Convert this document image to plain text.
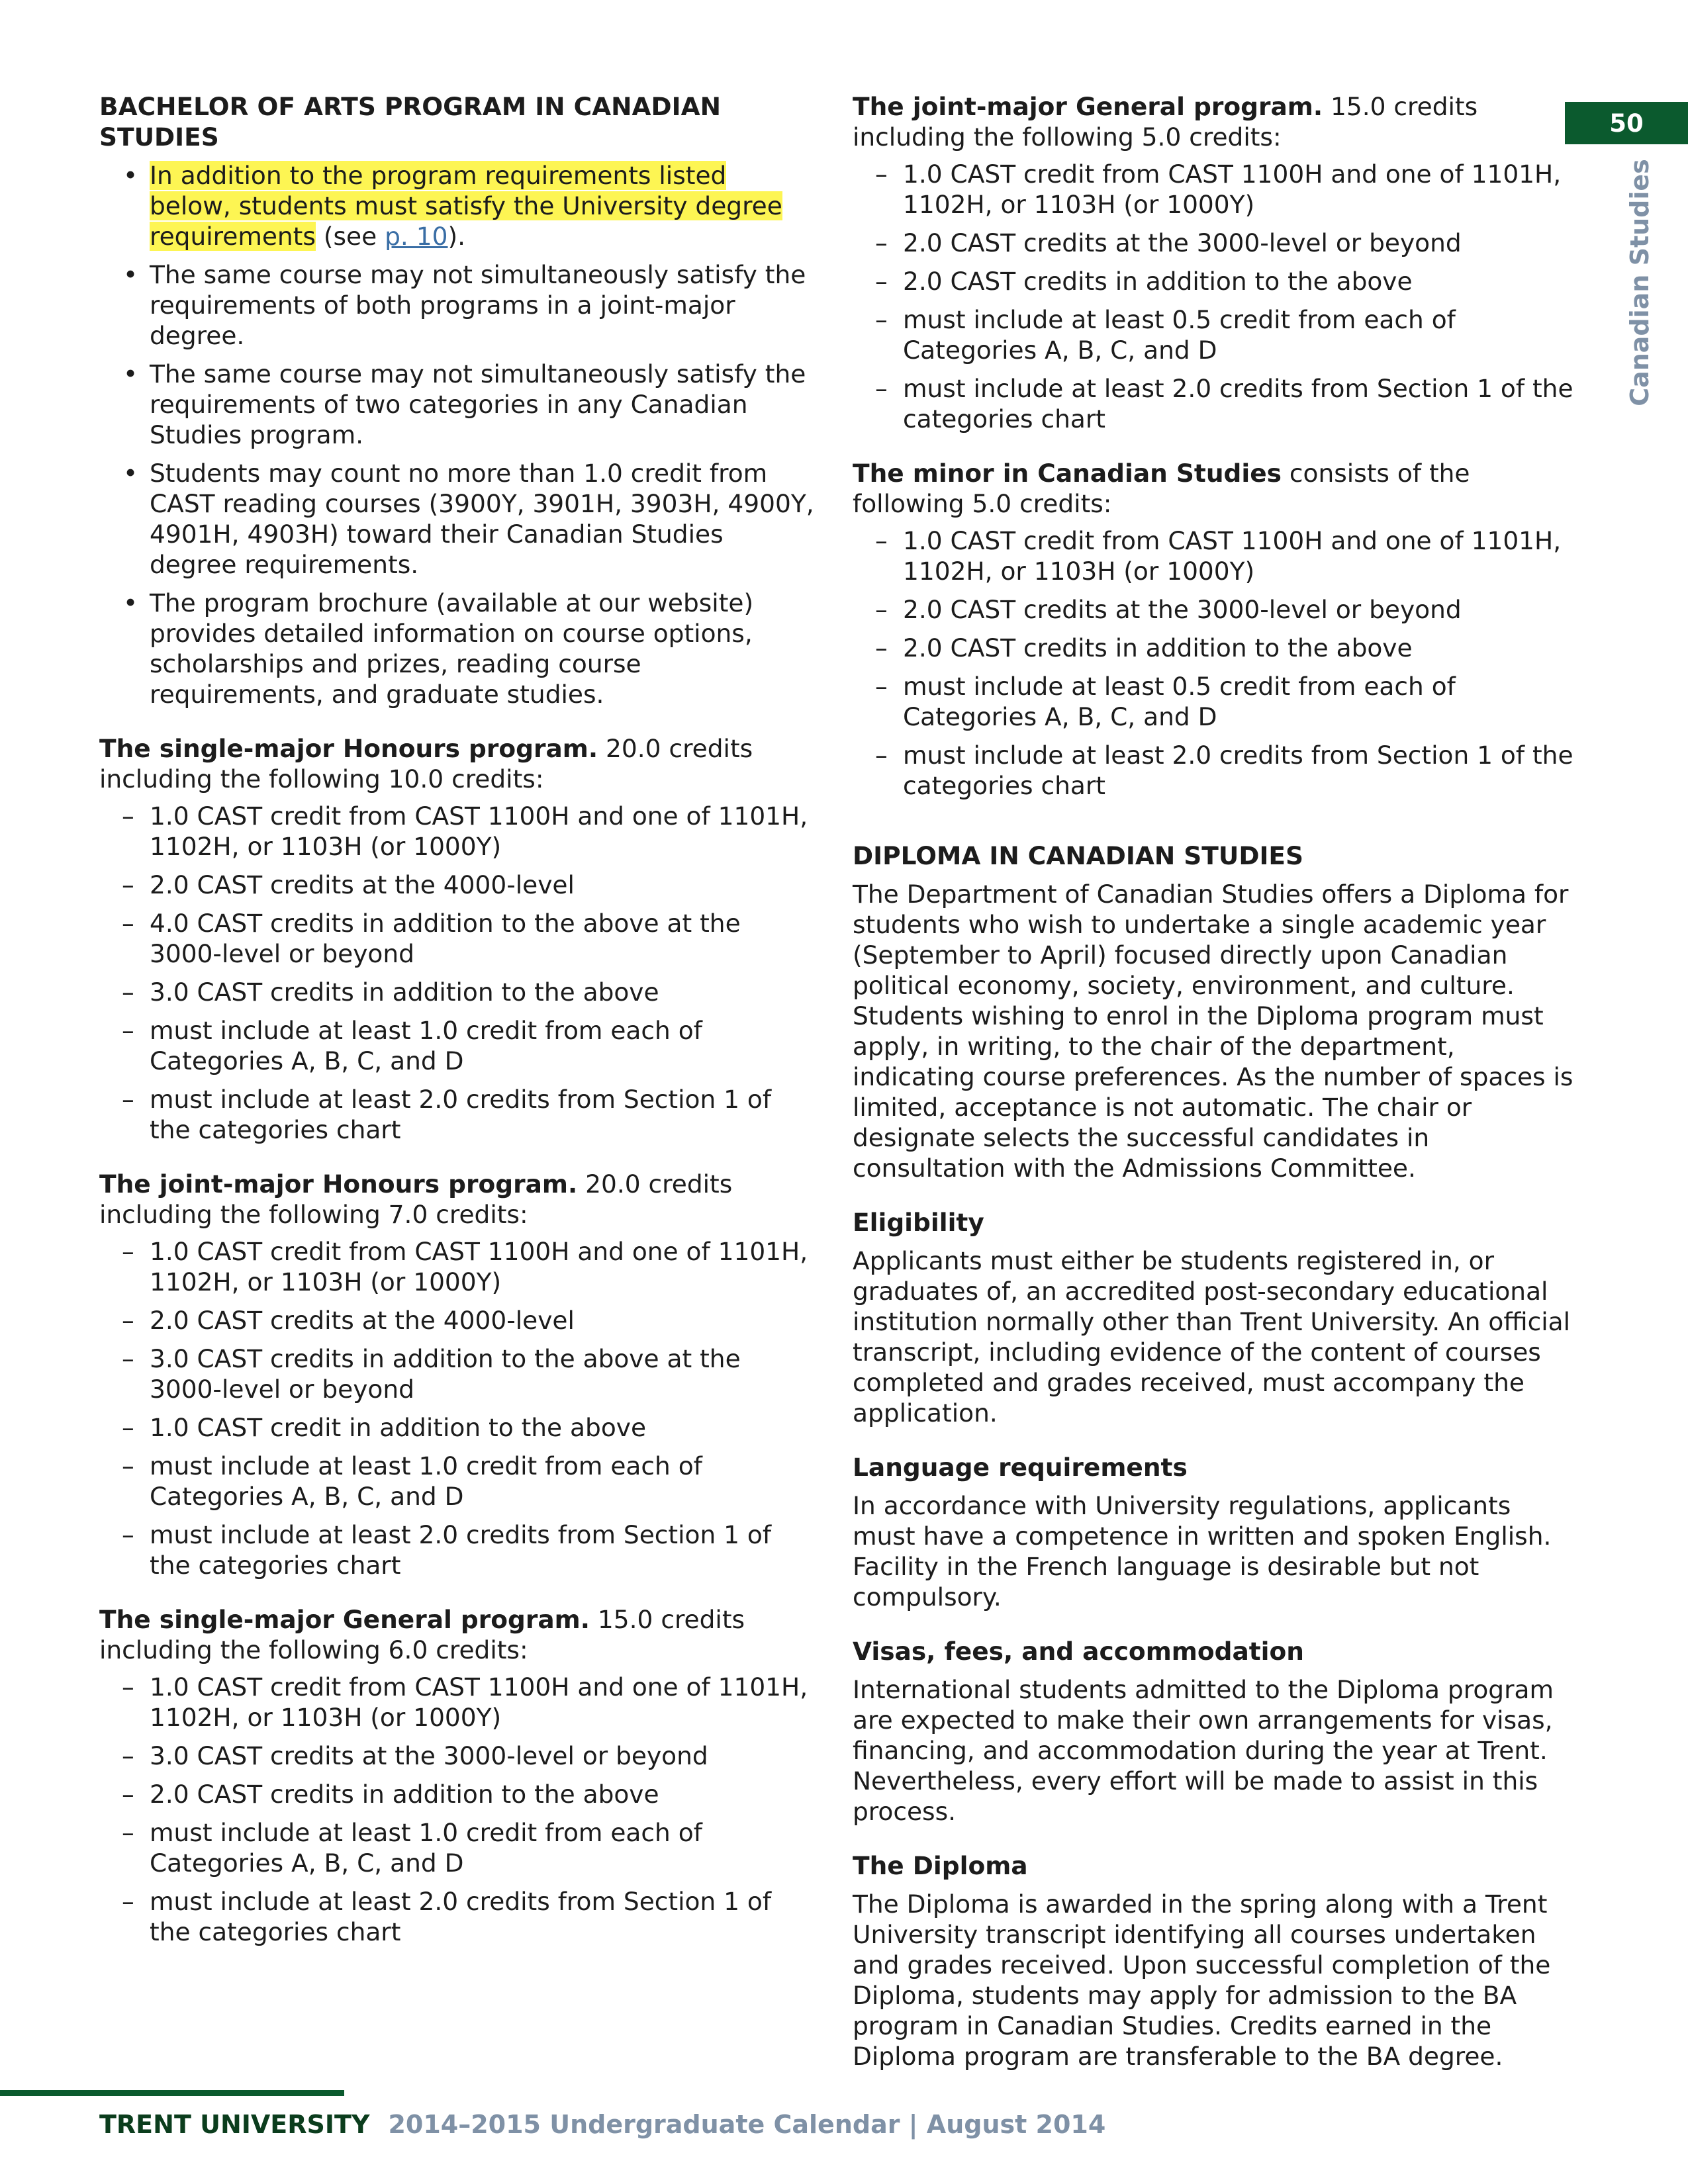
50
Canadian Studies
BACHELOR OF ARTS PROGRAM IN CANADIAN STUDIES
• In addition to the program requirements listed below, students must satisfy the University degree requirements (see p. 10).
• The same course may not simultaneously satisfy the requirements of both programs in a joint-major degree.
• The same course may not simultaneously satisfy the requirements of two categories in any Canadian Studies program.
• Students may count no more than 1.0 credit from CAST reading courses (3900Y, 3901H, 3903H, 4900Y, 4901H, 4903H) toward their Canadian Studies degree requirements.
• The program brochure (available at our website) provides detailed information on course options, scholarships and prizes, reading course requirements, and graduate studies.

The single-major Honours program. 20.0 credits including the following 10.0 credits:

– 1.0 CAST credit from CAST 1100H and one of 1101H, 1102H, or 1103H (or 1000Y)
– 2.0 CAST credits at the 4000-level
– 4.0 CAST credits in addition to the above at the 3000-level or beyond
– 3.0 CAST credits in addition to the above
– must include at least 1.0 credit from each of Categories A, B, C, and D
– must include at least 2.0 credits from Section 1 of the categories chart

The joint-major Honours program. 20.0 credits including the following 7.0 credits:

– 1.0 CAST credit from CAST 1100H and one of 1101H, 1102H, or 1103H (or 1000Y)
– 2.0 CAST credits at the 4000-level
– 3.0 CAST credits in addition to the above at the 3000-level or beyond
– 1.0 CAST credit in addition to the above
– must include at least 1.0 credit from each of Categories A, B, C, and D
– must include at least 2.0 credits from Section 1 of the categories chart

The single-major General program. 15.0 credits including the following 6.0 credits:

– 1.0 CAST credit from CAST 1100H and one of 1101H, 1102H, or 1103H (or 1000Y)
– 3.0 CAST credits at the 3000-level or beyond
– 2.0 CAST credits in addition to the above
– must include at least 1.0 credit from each of Categories A, B, C, and D
– must include at least 2.0 credits from Section 1 of the categories chart

The joint-major General program. 15.0 credits including the following 5.0 credits:

– 1.0 CAST credit from CAST 1100H and one of 1101H, 1102H, or 1103H (or 1000Y)
– 2.0 CAST credits at the 3000-level or beyond
– 2.0 CAST credits in addition to the above
– must include at least 0.5 credit from each of Categories A, B, C, and D
– must include at least 2.0 credits from Section 1 of the categories chart

The minor in Canadian Studies consists of the following 5.0 credits:

– 1.0 CAST credit from CAST 1100H and one of 1101H, 1102H, or 1103H (or 1000Y)
– 2.0 CAST credits at the 3000-level or beyond
– 2.0 CAST credits in addition to the above
– must include at least 0.5 credit from each of Categories A, B, C, and D
– must include at least 2.0 credits from Section 1 of the categories chart
DIPLOMA IN CANADIAN STUDIES

The Department of Canadian Studies offers a Diploma for students who wish to undertake a single academic year (September to April) focused directly upon Canadian political economy, society, environment, and culture. Students wishing to enrol in the Diploma program must apply, in writing, to the chair of the department, indicating course preferences. As the number of spaces is limited, acceptance is not automatic. The chair or designate selects the successful candidates in consultation with the Admissions Committee.

Eligibility

Applicants must either be students registered in, or graduates of, an accredited post-secondary educational institution normally other than Trent University. An official transcript, including evidence of the content of courses completed and grades received, must accompany the application.

Language requirements

In accordance with University regulations, applicants must have a competence in written and spoken English. Facility in the French language is desirable but not compulsory.

Visas, fees, and accommodation

International students admitted to the Diploma program are expected to make their own arrangements for visas, financing, and accommodation during the year at Trent. Nevertheless, every effort will be made to assist in this process.

The Diploma

The Diploma is awarded in the spring along with a Trent University transcript identifying all courses undertaken and grades received. Upon successful completion of the Diploma, students may apply for admission to the BA program in Canadian Studies. Credits earned in the Diploma program are transferable to the BA degree.

TRENT UNIVERSITY 2014–2015 Undergraduate Calendar | August 2014
